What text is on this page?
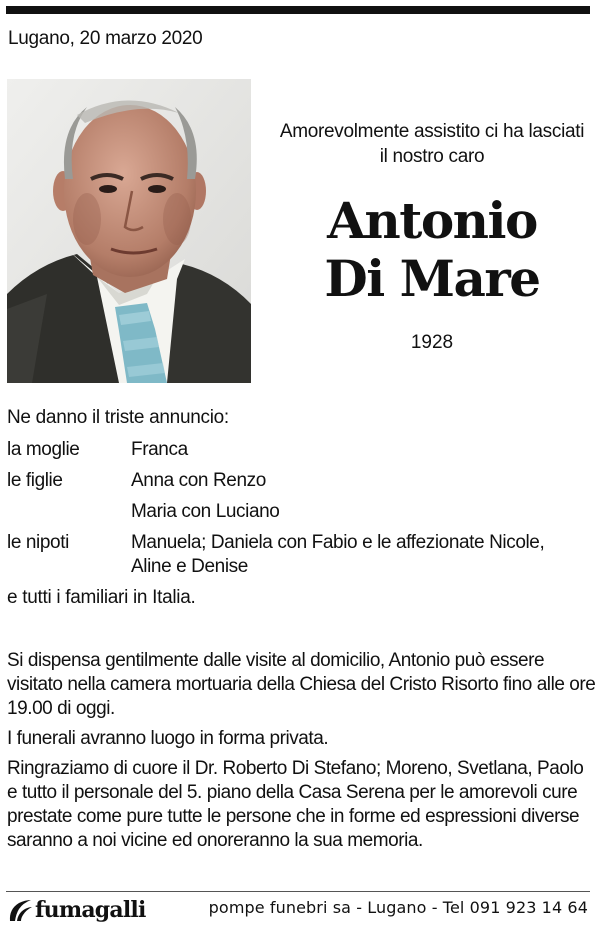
Lugano, 20 marzo 2020
Amorevolmente assistito ci ha lasciati
il nostro caro
Antonio
Di Mare
1928
Ne danno il triste annuncio:
la moglie	Franca
le figlie	Anna con Renzo
Maria con Luciano
le nipoti	Manuela; Daniela con Fabio e le affezionate Nicole,
Aline e Denise
e tutti i familiari in Italia.

Si dispensa gentilmente dalle visite al domicilio, Antonio può essere visitato nella camera mortuaria della Chiesa del Cristo Risorto fino alle ore 19.00 di oggi.

I funerali avranno luogo in forma privata.

Ringraziamo di cuore il Dr. Roberto Di Stefano; Moreno, Svetlana, Paolo e tutto il personale del 5. piano della Casa Serena per le amorevoli cure prestate come pure tutte le persone che in forme ed espressioni diverse saranno a noi vicine ed onoreranno la sua memoria.

fumagalli	pompe funebri sa - Lugano - Tel 091 923 14 64
